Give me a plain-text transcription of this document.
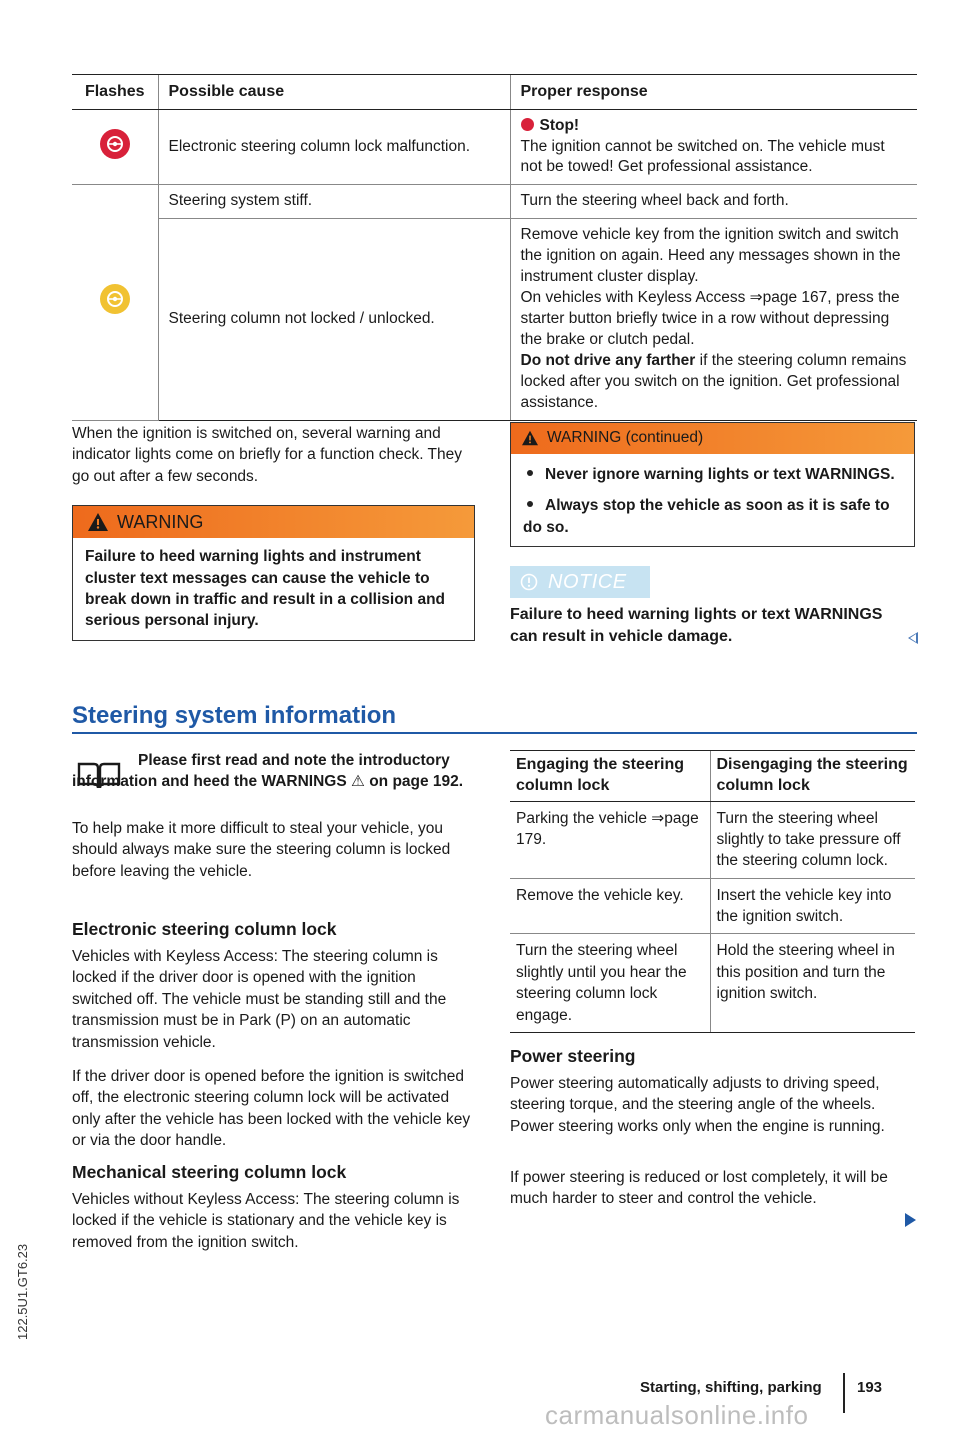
Flashes	Possible cause	Proper response

	Electronic steering column lock malfunction.	Stop!
The ignition cannot be switched on. The vehicle must not be towed! Get professional assistance.

	Steering system stiff.	Turn the steering wheel back and forth.
	Steering column not locked / unlocked.	Remove vehicle key from the ignition switch and switch the ignition on again. Heed any messages shown in the instrument cluster display.
On vehicles with Keyless Access ⇒page 167, press the starter button briefly twice in a row without depressing the brake or clutch pedal.
Do not drive any farther if the steering column remains locked after you switch on the ignition. Get professional assistance.
When the ignition is switched on, several warning and indicator lights come on briefly for a function check. They go out after a few seconds.
WARNING

Failure to heed warning lights and instrument cluster text messages can cause the vehicle to break down in traffic and result in a collision and serious personal injury.

WARNING (continued)

Never ignore warning lights or text WARNINGS.

Always stop the vehicle as soon as it is safe to do so.

NOTICE
Failure to heed warning lights or text WARNINGS can result in vehicle damage.
Steering system information
Please first read and note the introductory information and heed the WARNINGS ⚠ on page 192.
To help make it more difficult to steal your vehicle, you should always make sure the steering column is locked before leaving the vehicle.
Electronic steering column lock
Vehicles with Keyless Access: The steering column is locked if the driver door is opened with the ignition switched off. The vehicle must be standing still and the transmission must be in Park (P) on an automatic transmission vehicle.
If the driver door is opened before the ignition is switched off, the electronic steering column lock will be activated only after the vehicle has been locked with the vehicle key or via the door handle.
Mechanical steering column lock
Vehicles without Keyless Access: The steering column is locked if the vehicle is stationary and the vehicle key is removed from the ignition switch.
Engaging the steering column lock	Disengaging the steering column lock
Parking the vehicle ⇒page 179.	Turn the steering wheel slightly to take pressure off the steering column lock.
Remove the vehicle key.	Insert the vehicle key into the ignition switch.
Turn the steering wheel slightly until you hear the steering column lock engage.	Hold the steering wheel in this position and turn the ignition switch.
Power steering
Power steering automatically adjusts to driving speed, steering torque, and the steering angle of the wheels. Power steering works only when the engine is running.
If power steering is reduced or lost completely, it will be much harder to steer and control the vehicle.
122.5U1.GT6.23
Starting, shifting, parking 193
carmanualsonline.info
